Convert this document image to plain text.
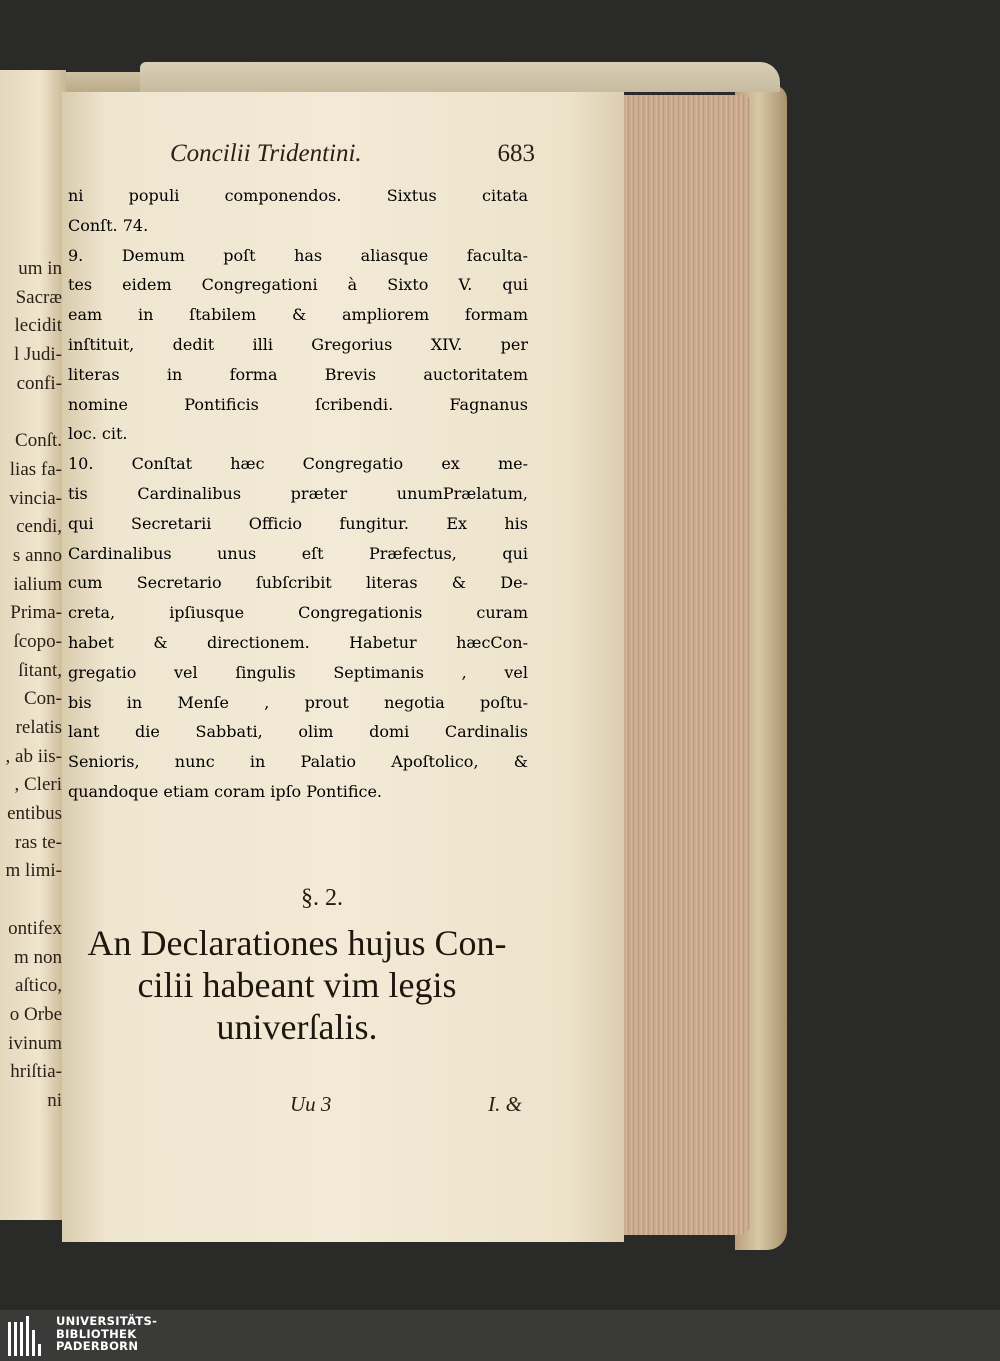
um in
Sacræ
lecidit
l Judi-
confi-
Conſt.
lias fa-
vincia-
cendi,
s anno
ialium
Prima-
ſcopo-
ſitant,
Con-
relatis
, ab iis-
, Cleri
entibus
ras te-
m limi-
ontifex
m non
aſtico,
o Orbe
ivinum
hriſtia-
ni
Concilii Tridentini.	683
ni populi componendos. Sixtus citata
Conſt. 74.
9. Demum poſt has aliasque faculta-
tes eidem Congregationi à Sixto V. qui
eam in ſtabilem & ampliorem formam
inſtituit, dedit illi Gregorius XIV. per
literas in forma Brevis auctoritatem
nomine Pontificis ſcribendi. Fagnanus
loc. cit.
10. Conſtat hæc Congregatio ex me-
tis Cardinalibus præter unumPrælatum,
qui Secretarii Officio fungitur. Ex his
Cardinalibus unus eſt Præfectus, qui
cum Secretario ſubſcribit literas & De-
creta, ipſiusque Congregationis curam
habet & directionem. Habetur hæcCon-
gregatio vel ſingulis Septimanis , vel
bis in Menſe , prout negotia poſtu-
lant die Sabbati, olim domi Cardinalis
Senioris, nunc in Palatio Apoſtolico, &
quandoque etiam coram ipſo Pontifice.
§. 2.
An Declarationes hujus Con-
cilii habeant vim legis
univerſalis.
Uu 3	I. &
UNIVERSITÄTS-
BIBLIOTHEK
PADERBORN
